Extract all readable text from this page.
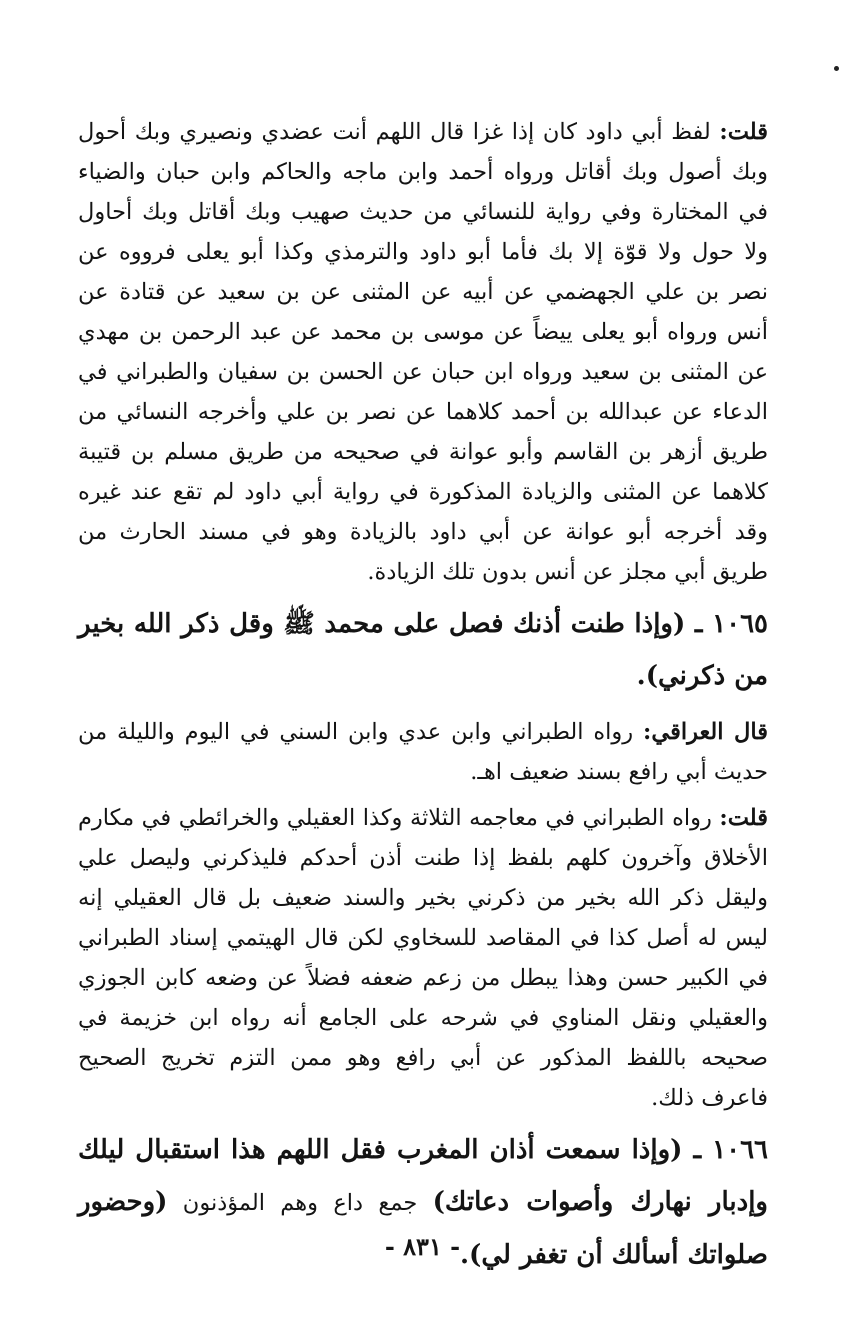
قلت: لفظ أبي داود كان إذا غزا قال اللهم أنت عضدي ونصيري وبك أحول وبك أصول وبك أقاتل ورواه أحمد وابن ماجه والحاكم وابن حبان والضياء في المختارة وفي رواية للنسائي من حديث صهيب وبك أقاتل وبك أحاول ولا حول ولا قوّة إلا بك فأما أبو داود والترمذي وكذا أبو يعلى فرووه عن نصر بن علي الجهضمي عن أبيه عن المثنى عن بن سعيد عن قتادة عن أنس ورواه أبو يعلى ييضاً عن موسى بن محمد عن عبد الرحمن بن مهدي عن المثنى بن سعيد ورواه ابن حبان عن الحسن بن سفيان والطبراني في الدعاء عن عبدالله بن أحمد كلاهما عن نصر بن علي وأخرجه النسائي من طريق أزهر بن القاسم وأبو عوانة في صحيحه من طريق مسلم بن قتيبة كلاهما عن المثنى والزيادة المذكورة في رواية أبي داود لم تقع عند غيره وقد أخرجه أبو عوانة عن أبي داود بالزيادة وهو في مسند الحارث من طريق أبي مجلز عن أنس بدون تلك الزيادة.

١٠٦٥ ـ (وإذا طنت أذنك فصل على محمد ﷺ وقل ذكر الله بخير من ذكرني).

قال العراقي: رواه الطبراني وابن عدي وابن السني في اليوم والليلة من حديث أبي رافع بسند ضعيف اهـ.

قلت: رواه الطبراني في معاجمه الثلاثة وكذا العقيلي والخرائطي في مكارم الأخلاق وآخرون كلهم بلفظ إذا طنت أذن أحدكم فليذكرني وليصل علي وليقل ذكر الله بخير من ذكرني بخير والسند ضعيف بل قال العقيلي إنه ليس له أصل كذا في المقاصد للسخاوي لكن قال الهيتمي إسناد الطبراني في الكبير حسن وهذا يبطل من زعم ضعفه فضلاً عن وضعه كابن الجوزي والعقيلي ونقل المناوي في شرحه على الجامع أنه رواه ابن خزيمة في صحيحه باللفظ المذكور عن أبي رافع وهو ممن التزم تخريج الصحيح فاعرف ذلك.

١٠٦٦ ـ (وإذا سمعت أذان المغرب فقل اللهم هذا استقبال ليلك وإدبار نهارك وأصوات دعاتك) جمع داع وهم المؤذنون (وحضور صلواتك أسألك أن تغفر لي).

- ٨٣١ -
